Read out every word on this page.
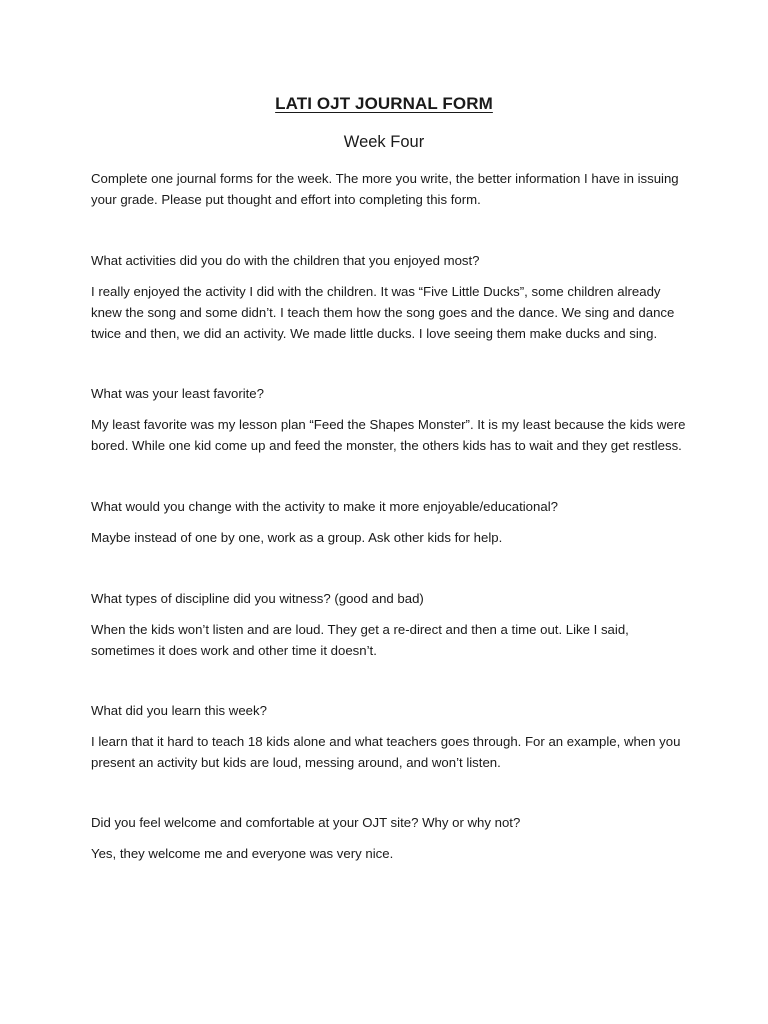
LATI OJT JOURNAL FORM
Week Four

Complete one journal forms for the week. The more you write, the better information I have in issuing your grade. Please put thought and effort into completing this form.

What activities did you do with the children that you enjoyed most?

I really enjoyed the activity I did with the children. It was “Five Little Ducks”, some children already knew the song and some didn’t. I teach them how the song goes and the dance. We sing and dance twice and then, we did an activity. We made little ducks. I love seeing them make ducks and sing.

What was your least favorite?

My least favorite was my lesson plan “Feed the Shapes Monster”. It is my least because the kids were bored. While one kid come up and feed the monster, the others kids has to wait and they get restless.

What would you change with the activity to make it more enjoyable/educational?

Maybe instead of one by one, work as a group. Ask other kids for help.

What types of discipline did you witness? (good and bad)

When the kids won’t listen and are loud. They get a re-direct and then a time out. Like I said, sometimes it does work and other time it doesn’t.

What did you learn this week?

I learn that it hard to teach 18 kids alone and what teachers goes through. For an example, when you present an activity but kids are loud, messing around, and won’t listen.

Did you feel welcome and comfortable at your OJT site? Why or why not?

Yes, they welcome me and everyone was very nice.
